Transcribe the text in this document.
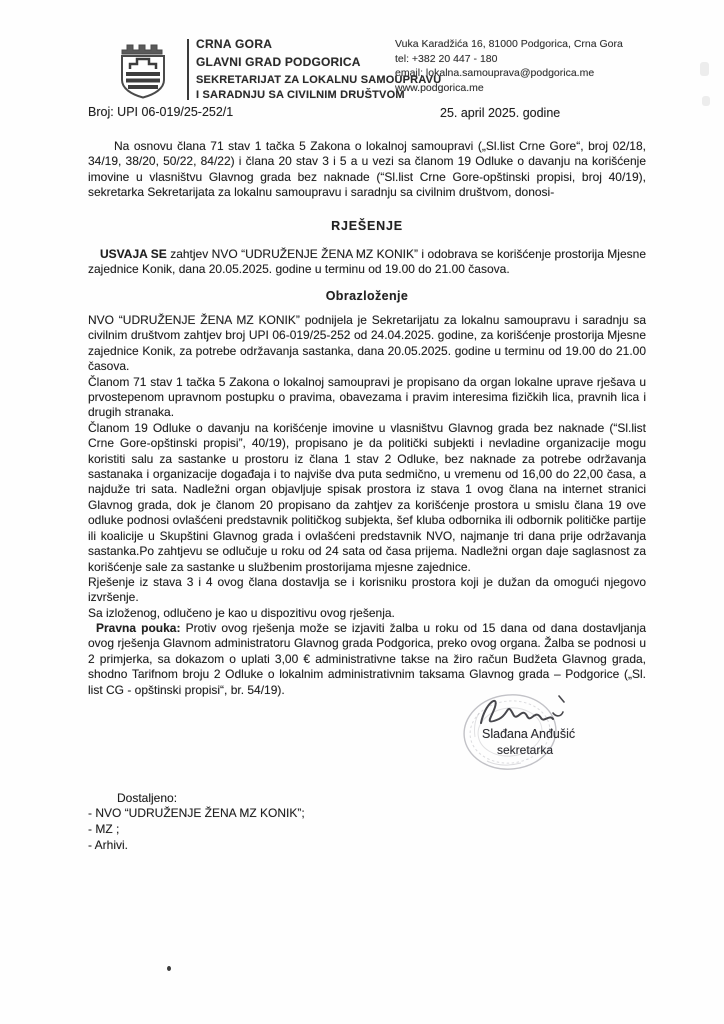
CRNA GORA
GLAVNI GRAD PODGORICA
SEKRETARIJAT ZA LOKALNU SAMOUPRAVU
I SARADNJU SA CIVILNIM DRUŠTVOM
Vuka Karadžića 16, 81000 Podgorica, Crna Gora
tel: +382 20 447 - 180
email: lokalna.samouprava@podgorica.me
www.podgorica.me
Broj: UPI 06-019/25-252/1	25. april 2025. godine
Na osnovu člana 71 stav 1 tačka 5 Zakona o lokalnoj samoupravi („Sl.list Crne Gore“, broj 02/18, 34/19, 38/20, 50/22, 84/22) i člana 20 stav 3 i 5 a u vezi sa članom 19 Odluke o davanju na korišćenje imovine u vlasništvu Glavnog grada bez naknade (“Sl.list Crne Gore-opštinski propisi, broj 40/19), sekretarka Sekretarijata za lokalnu samoupravu i saradnju sa civilnim društvom, donosi-
RJEŠENJE
USVAJA SE zahtjev NVO “UDRUŽENJE ŽENA MZ KONIK” i odobrava se korišćenje prostorija Mjesne zajednice Konik, dana 20.05.2025. godine u terminu od 19.00 do 21.00 časova.
Obrazloženje

NVO “UDRUŽENJE ŽENA MZ KONIK” podnijela je Sekretarijatu za lokalnu samoupravu i saradnju sa civilnim društvom zahtjev broj UPI 06-019/25-252 od 24.04.2025. godine, za korišćenje prostorija Mjesne zajednice Konik, za potrebe održavanja sastanka, dana 20.05.2025. godine u terminu od 19.00 do 21.00 časova.

Članom 71 stav 1 tačka 5 Zakona o lokalnoj samoupravi je propisano da organ lokalne uprave rješava u prvostepenom upravnom postupku o pravima, obavezama i pravim interesima fizičkih lica, pravnih lica i drugih stranaka.

Članom 19 Odluke o davanju na korišćenje imovine u vlasništvu Glavnog grada bez naknade (“Sl.list Crne Gore-opštinski propisi”, 40/19), propisano je da politički subjekti i nevladine organizacije mogu koristiti salu za sastanke u prostoru iz člana 1 stav 2 Odluke, bez naknade za potrebe održavanja sastanaka i organizacije događaja i to najviše dva puta sedmično, u vremenu od 16,00 do 22,00 časa, a najduže tri sata. Nadležni organ objavljuje spisak prostora iz stava 1 ovog člana na internet stranici Glavnog grada, dok je članom 20 propisano da zahtjev za korišćenje prostora u smislu člana 19 ove odluke podnosi ovlašćeni predstavnik političkog subjekta, šef kluba odbornika ili odbornik političke partije ili koalicije u Skupštini Glavnog grada i ovlašćeni predstavnik NVO, najmanje tri dana prije održavanja sastanka.Po zahtjevu se odlučuje u roku od 24 sata od časa prijema. Nadležni organ daje saglasnost za korišćenje sale za sastanke u službenim prostorijama mjesne zajednice.

Rješenje iz stava 3 i 4 ovog člana dostavlja se i korisniku prostora koji je dužan da omogući njegovo izvršenje.

Sa izloženog, odlučeno je kao u dispozitivu ovog rješenja.

Pravna pouka: Protiv ovog rješenja može se izjaviti žalba u roku od 15 dana od dana dostavljanja ovog rješenja Glavnom administratoru Glavnog grada Podgorica, preko ovog organa. Žalba se podnosi u 2 primjerka, sa dokazom o uplati 3,00 € administrativne takse na žiro račun Budžeta Glavnog grada, shodno Tarifnom broju 2 Odluke o lokalnim administrativnim taksama Glavnog grada – Podgorice („Sl. list CG - opštinski propisi“, br. 54/19).
Slađana Anđušić
sekretarka
Dostaljeno:
- NVO “UDRUŽENJE ŽENA MZ KONIK”;
- MZ ;
- Arhivi.
